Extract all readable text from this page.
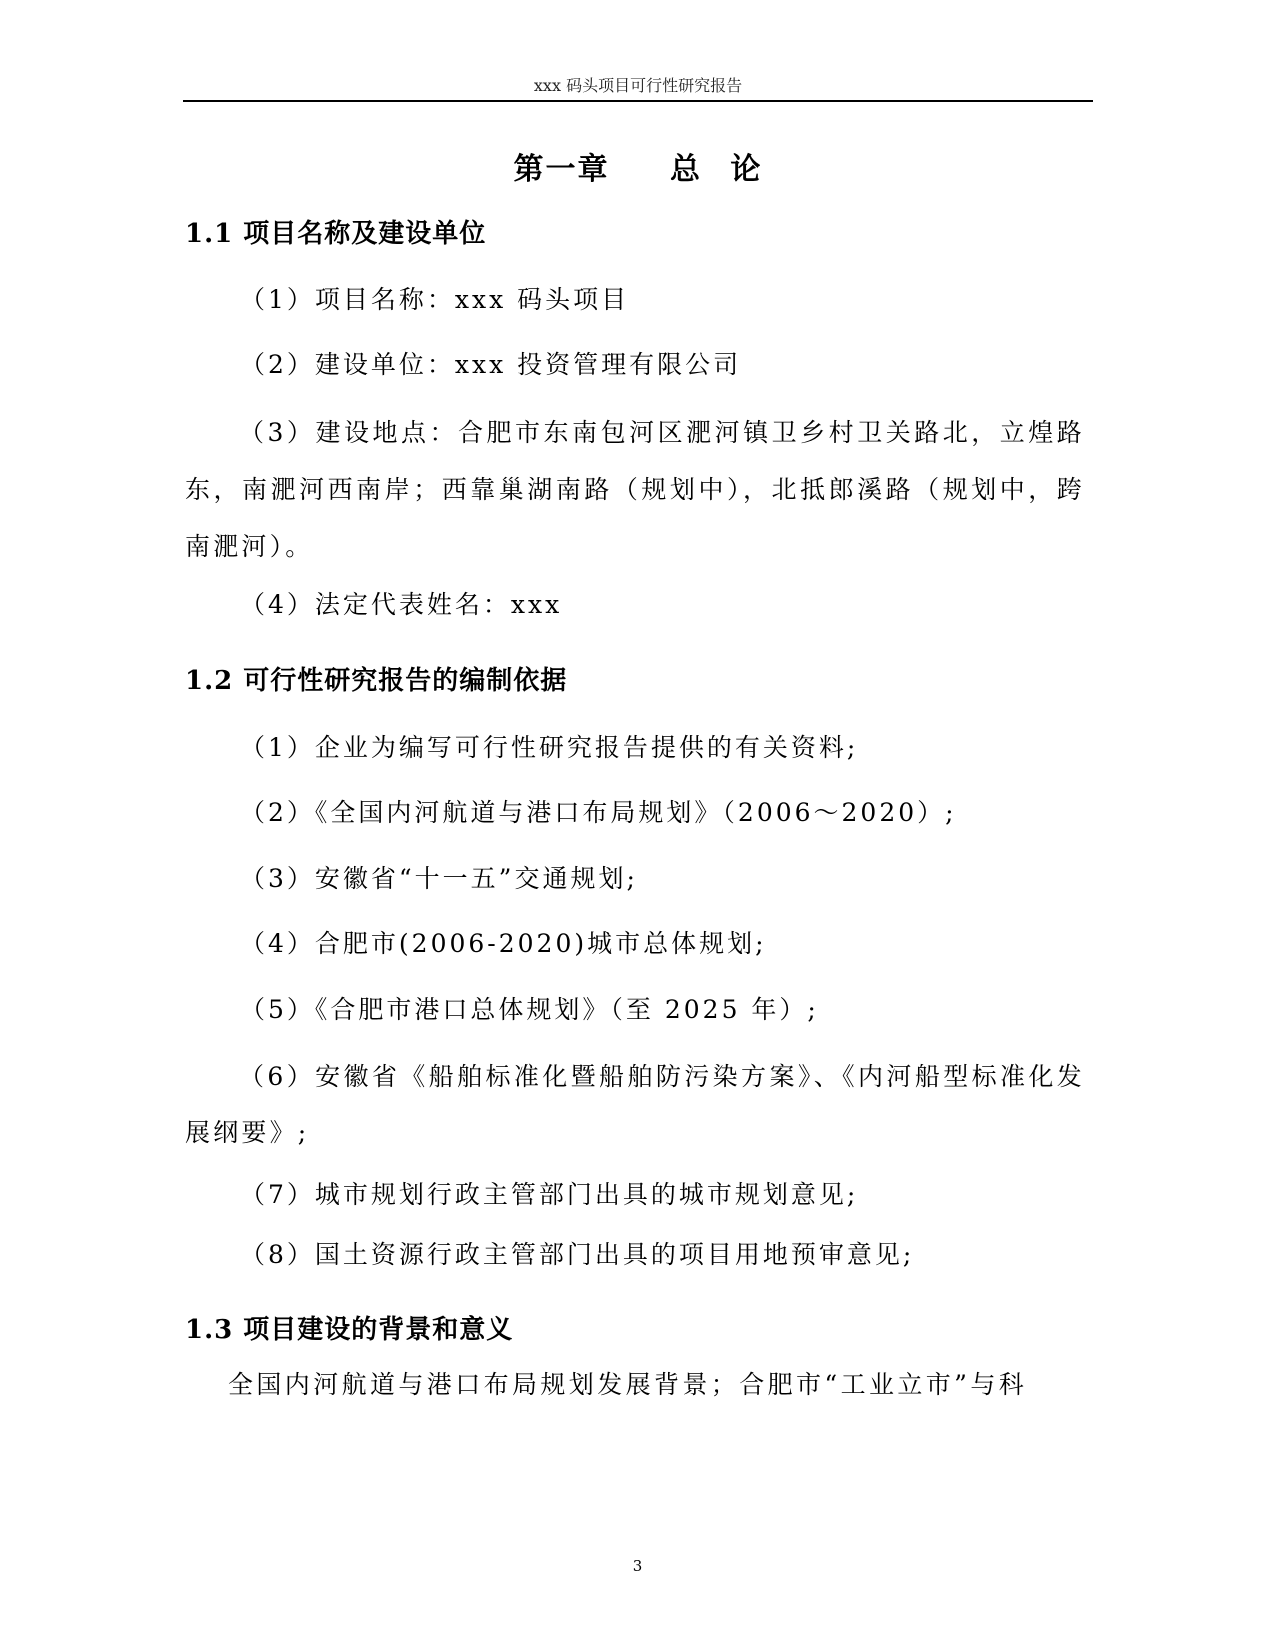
xxx 码头项目可行性研究报告
第一章　 总 论
1.1 项目名称及建设单位
（1）项目名称：xxx 码头项目
（2）建设单位：xxx 投资管理有限公司
（3）建设地点：合肥市东南包河区淝河镇卫乡村卫关路北，立煌路东，南淝河西南岸；西靠巢湖南路（规划中），北抵郎溪路（规划中，跨南淝河）。
（4）法定代表姓名：xxx
1.2 可行性研究报告的编制依据
（1）企业为编写可行性研究报告提供的有关资料;
（2）《全国内河航道与港口布局规划》（2006～2020）;
（3）安徽省“十一五”交通规划;
（4）合肥市(2006-2020)城市总体规划;
（5）《合肥市港口总体规划》（至 2025 年）;
（6）安徽省《船舶标准化暨船舶防污染方案》、《内河船型标准化发展纲要》;
（7）城市规划行政主管部门出具的城市规划意见;
（8）国土资源行政主管部门出具的项目用地预审意见;
1.3 项目建设的背景和意义
全国内河航道与港口布局规划发展背景；合肥市“工业立市”与科
3
